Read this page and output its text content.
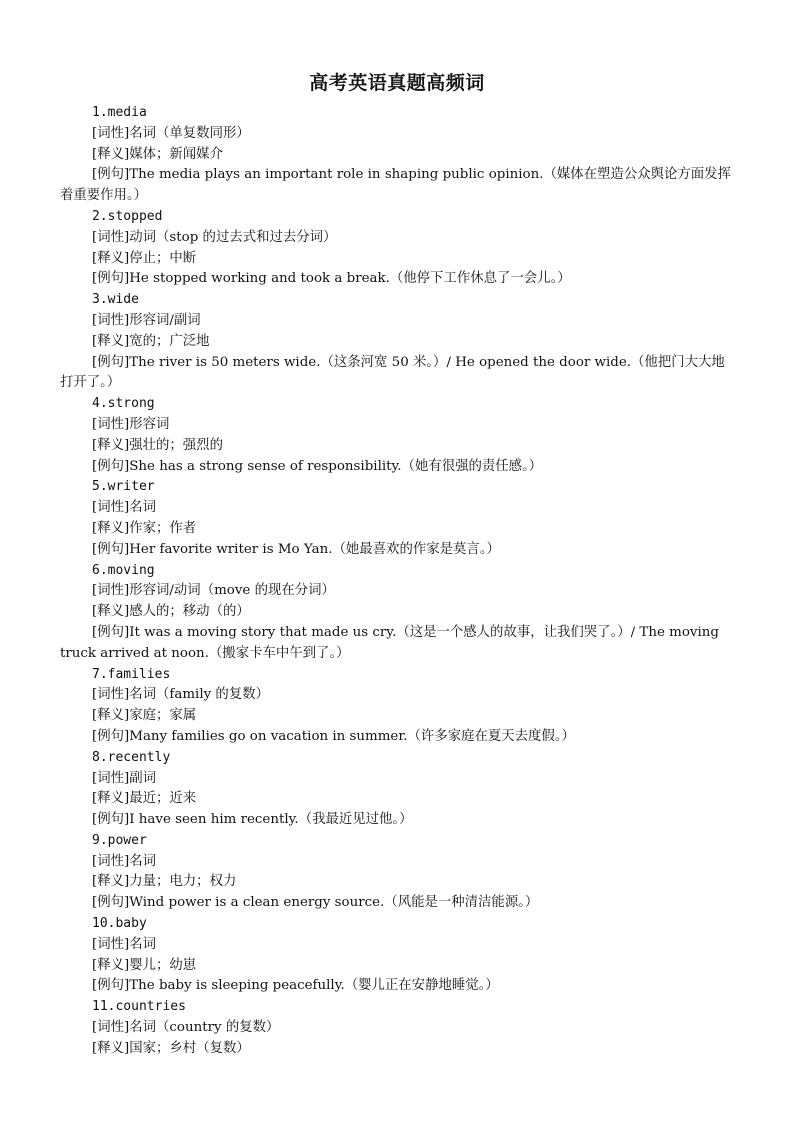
高考英语真题高频词
1.media
[词性]名词（单复数同形）
[释义]媒体；新闻媒介
[例句]The media plays an important role in shaping public opinion.（媒体在塑造公众舆论方面发挥着重要作用。）
2.stopped
[词性]动词（stop 的过去式和过去分词）
[释义]停止；中断
[例句]He stopped working and took a break.（他停下工作休息了一会儿。）
3.wide
[词性]形容词/副词
[释义]宽的；广泛地
[例句]The river is 50 meters wide.（这条河宽 50 米。）/ He opened the door wide.（他把门大大地打开了。）
4.strong
[词性]形容词
[释义]强壮的；强烈的
[例句]She has a strong sense of responsibility.（她有很强的责任感。）
5.writer
[词性]名词
[释义]作家；作者
[例句]Her favorite writer is Mo Yan.（她最喜欢的作家是莫言。）
6.moving
[词性]形容词/动词（move 的现在分词）
[释义]感人的；移动（的）
[例句]It was a moving story that made us cry.（这是一个感人的故事，让我们哭了。）/ The moving truck arrived at noon.（搬家卡车中午到了。）
7.families
[词性]名词（family 的复数）
[释义]家庭；家属
[例句]Many families go on vacation in summer.（许多家庭在夏天去度假。）
8.recently
[词性]副词
[释义]最近；近来
[例句]I have seen him recently.（我最近见过他。）
9.power
[词性]名词
[释义]力量；电力；权力
[例句]Wind power is a clean energy source.（风能是一种清洁能源。）
10.baby
[词性]名词
[释义]婴儿；幼崽
[例句]The baby is sleeping peacefully.（婴儿正在安静地睡觉。）
11.countries
[词性]名词（country 的复数）
[释义]国家；乡村（复数）
